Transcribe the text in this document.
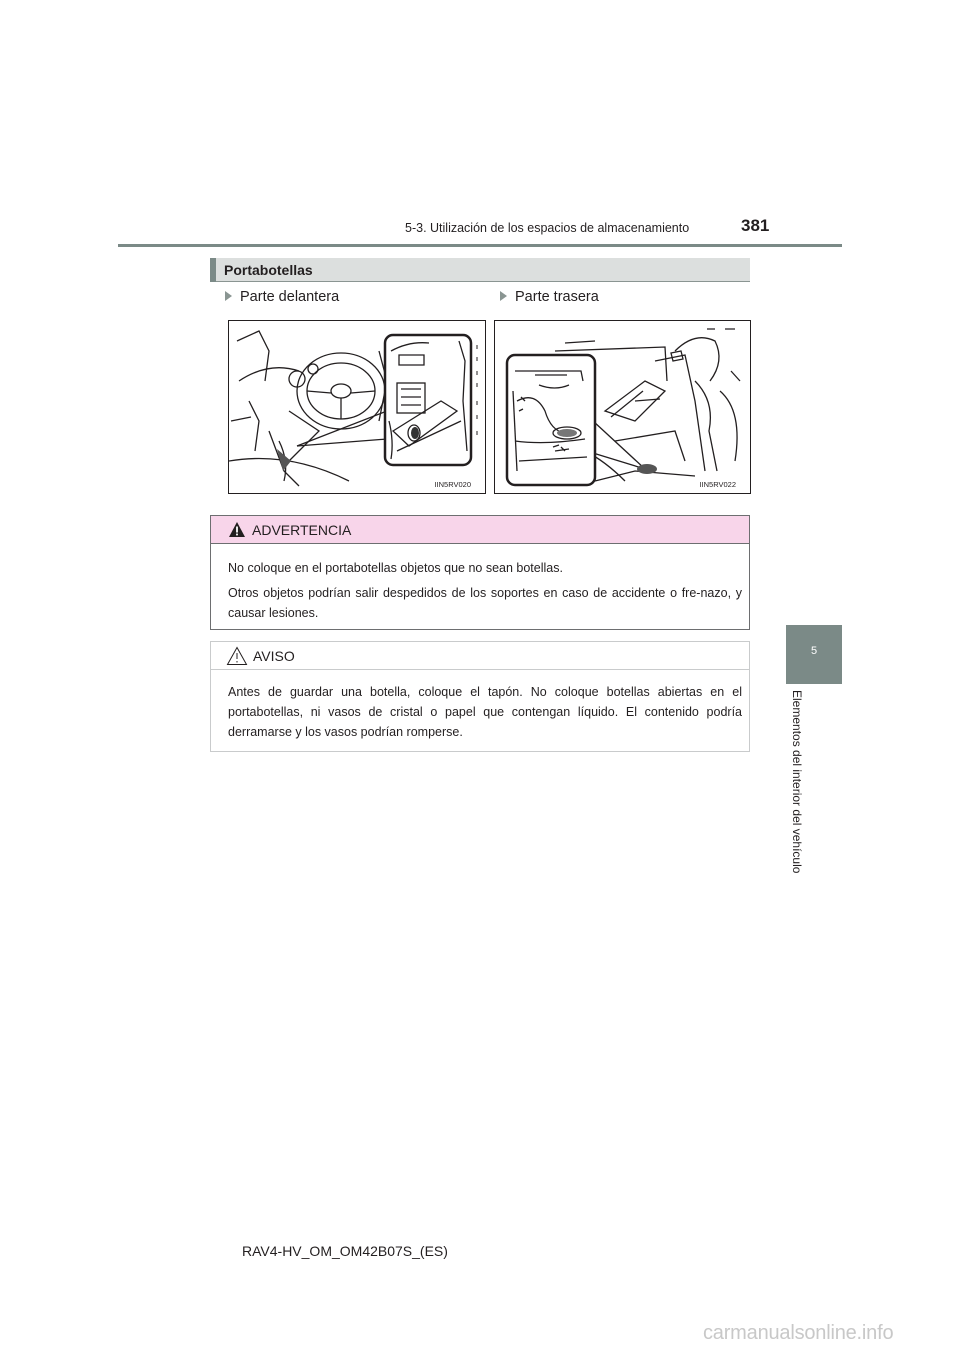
5-3. Utilización de los espacios de almacenamiento	381
5
Elementos del interior del vehículo
Portabotellas
Parte delantera	Parte trasera
IIN5RV020	IIN5RV022
ADVERTENCIA

No coloque en el portabotellas objetos que no sean botellas.

Otros objetos podrían salir despedidos de los soportes en caso de accidente o fre-nazo, y causar lesiones.

AVISO
Antes de guardar una botella, coloque el tapón. No coloque botellas abiertas en el portabotellas, ni vasos de cristal o papel que contengan líquido. El contenido podría derramarse y los vasos podrían romperse.
RAV4-HV_OM_OM42B07S_(ES)
carmanualsonline.info
